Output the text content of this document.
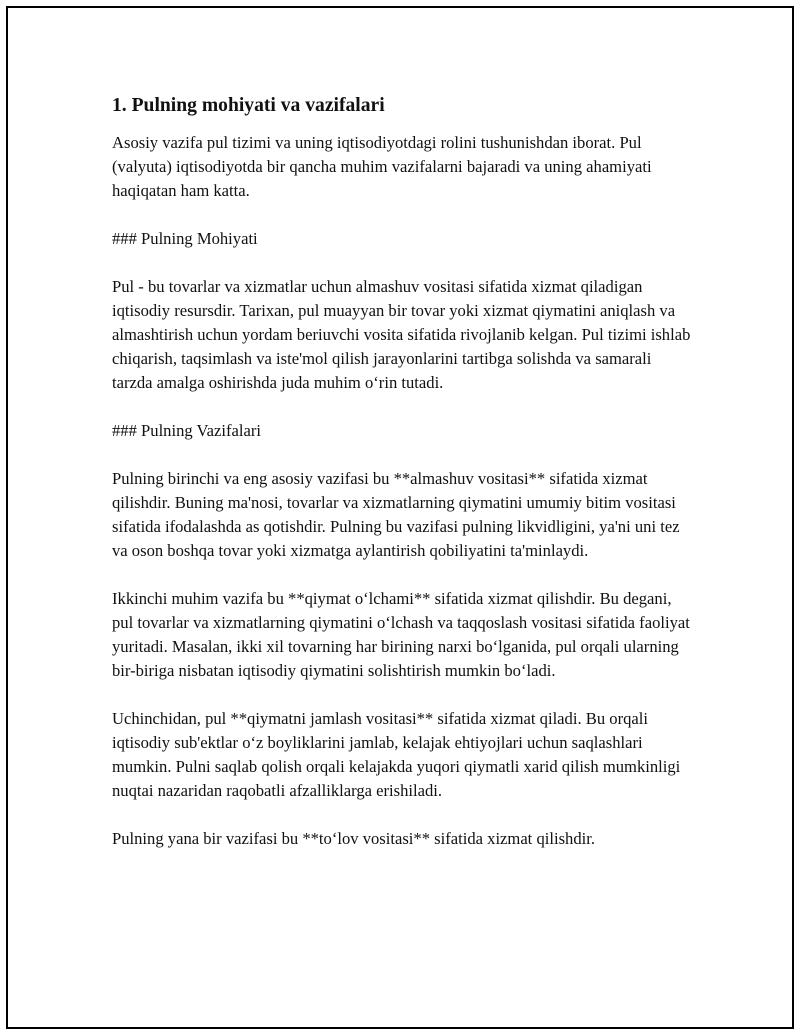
1. Pulning mohiyati va vazifalari

Asosiy vazifa pul tizimi va uning iqtisodiyotdagi rolini tushunishdan iborat. Pul (valyuta) iqtisodiyotda bir qancha muhim vazifalarni bajaradi va uning ahamiyati haqiqatan ham katta.

### Pulning Mohiyati

Pul - bu tovarlar va xizmatlar uchun almashuv vositasi sifatida xizmat qiladigan iqtisodiy resursdir. Tarixan, pul muayyan bir tovar yoki xizmat qiymatini aniqlash va almashtirish uchun yordam beriuvchi vosita sifatida rivojlanib kelgan. Pul tizimi ishlab chiqarish, taqsimlash va iste'mol qilish jarayonlarini tartibga solishda va samarali tarzda amalga oshirishda juda muhim o‘rin tutadi.

### Pulning Vazifalari

Pulning birinchi va eng asosiy vazifasi bu **almashuv vositasi** sifatida xizmat qilishdir. Buning ma'nosi, tovarlar va xizmatlarning qiymatini umumiy bitim vositasi sifatida ifodalashda as qotishdir. Pulning bu vazifasi pulning likvidligini, ya'ni uni tez va oson boshqa tovar yoki xizmatga aylantirish qobiliyatini ta'minlaydi.

Ikkinchi muhim vazifa bu **qiymat o‘lchami** sifatida xizmat qilishdir. Bu degani, pul tovarlar va xizmatlarning qiymatini o‘lchash va taqqoslash vositasi sifatida faoliyat yuritadi. Masalan, ikki xil tovarning har birining narxi bo‘lganida, pul orqali ularning bir-biriga nisbatan iqtisodiy qiymatini solishtirish mumkin bo‘ladi.

Uchinchidan, pul **qiymatni jamlash vositasi** sifatida xizmat qiladi. Bu orqali iqtisodiy sub'ektlar o‘z boyliklarini jamlab, kelajak ehtiyojlari uchun saqlashlari mumkin. Pulni saqlab qolish orqali kelajakda yuqori qiymatli xarid qilish mumkinligi nuqtai nazaridan raqobatli afzalliklarga erishiladi.

Pulning yana bir vazifasi bu **to‘lov vositasi** sifatida xizmat qilishdir.
